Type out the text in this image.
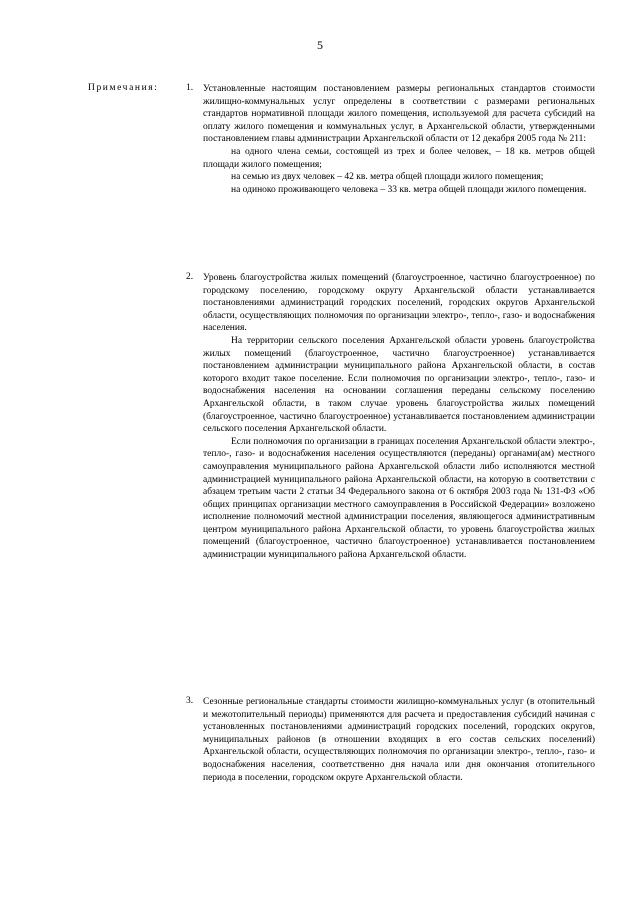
5
Примечания:	1. Установленные настоящим постановлением размеры региональных стандартов стоимости жилищно-коммунальных услуг определены в соответствии с размерами региональных стандартов нормативной площади жилого помещения, используемой для расчета субсидий на оплату жилого помещения и коммунальных услуг, в Архангельской области, утвержденными постановлением главы администрации Архангельской области от 12 декабря 2005 года № 211:

на одного члена семьи, состоящей из трех и более человек, – 18 кв. метров общей площади жилого помещения;

на семью из двух человек – 42 кв. метра общей площади жилого помещения;

на одиноко проживающего человека – 33 кв. метра общей площади жилого помещения.

2. Уровень благоустройства жилых помещений (благоустроенное, частично благоустроенное) по городскому поселению, городскому округу Архангельской области устанавливается постановлениями администраций городских поселений, городских округов Архангельской области, осуществляющих полномочия по организации электро-, тепло-, газо- и водоснабжения населения.

На территории сельского поселения Архангельской области уровень благоустройства жилых помещений (благоустроенное, частично благоустроенное) устанавливается постановлением администрации муниципального района Архангельской области, в состав которого входит такое поселение. Если полномочия по организации электро-, тепло-, газо- и водоснабжения населения на основании соглашения переданы сельскому поселению Архангельской области, в таком случае уровень благоустройства жилых помещений (благоустроенное, частично благоустроенное) устанавливается постановлением администрации сельского поселения Архангельской области.

Если полномочия по организации в границах поселения Архангельской области электро-, тепло-, газо- и водоснабжения населения осуществляются (переданы) органами(ам) местного самоуправления муниципального района Архангельской области либо исполняются местной администрацией муниципального района Архангельской области, на которую в соответствии с абзацем третьим части 2 статьи 34 Федерального закона от 6 октября 2003 года № 131-ФЗ «Об общих принципах организации местного самоуправления в Российской Федерации» возложено исполнение полномочий местной администрации поселения, являющегося административным центром муниципального района Архангельской области, то уровень благоустройства жилых помещений (благоустроенное, частично благоустроенное) устанавливается постановлением администрации муниципального района Архангельской области.

3. Сезонные региональные стандарты стоимости жилищно-коммунальных услуг (в отопительный и межотопительный периоды) применяются для расчета и предоставления субсидий начиная с установленных постановлениями администраций городских поселений, городских округов, муниципальных районов (в отношении входящих в его состав сельских поселений) Архангельской области, осуществляющих полномочия по организации электро-, тепло-, газо- и водоснабжения населения, соответственно дня начала или дня окончания отопительного периода в поселении, городском округе Архангельской области.
